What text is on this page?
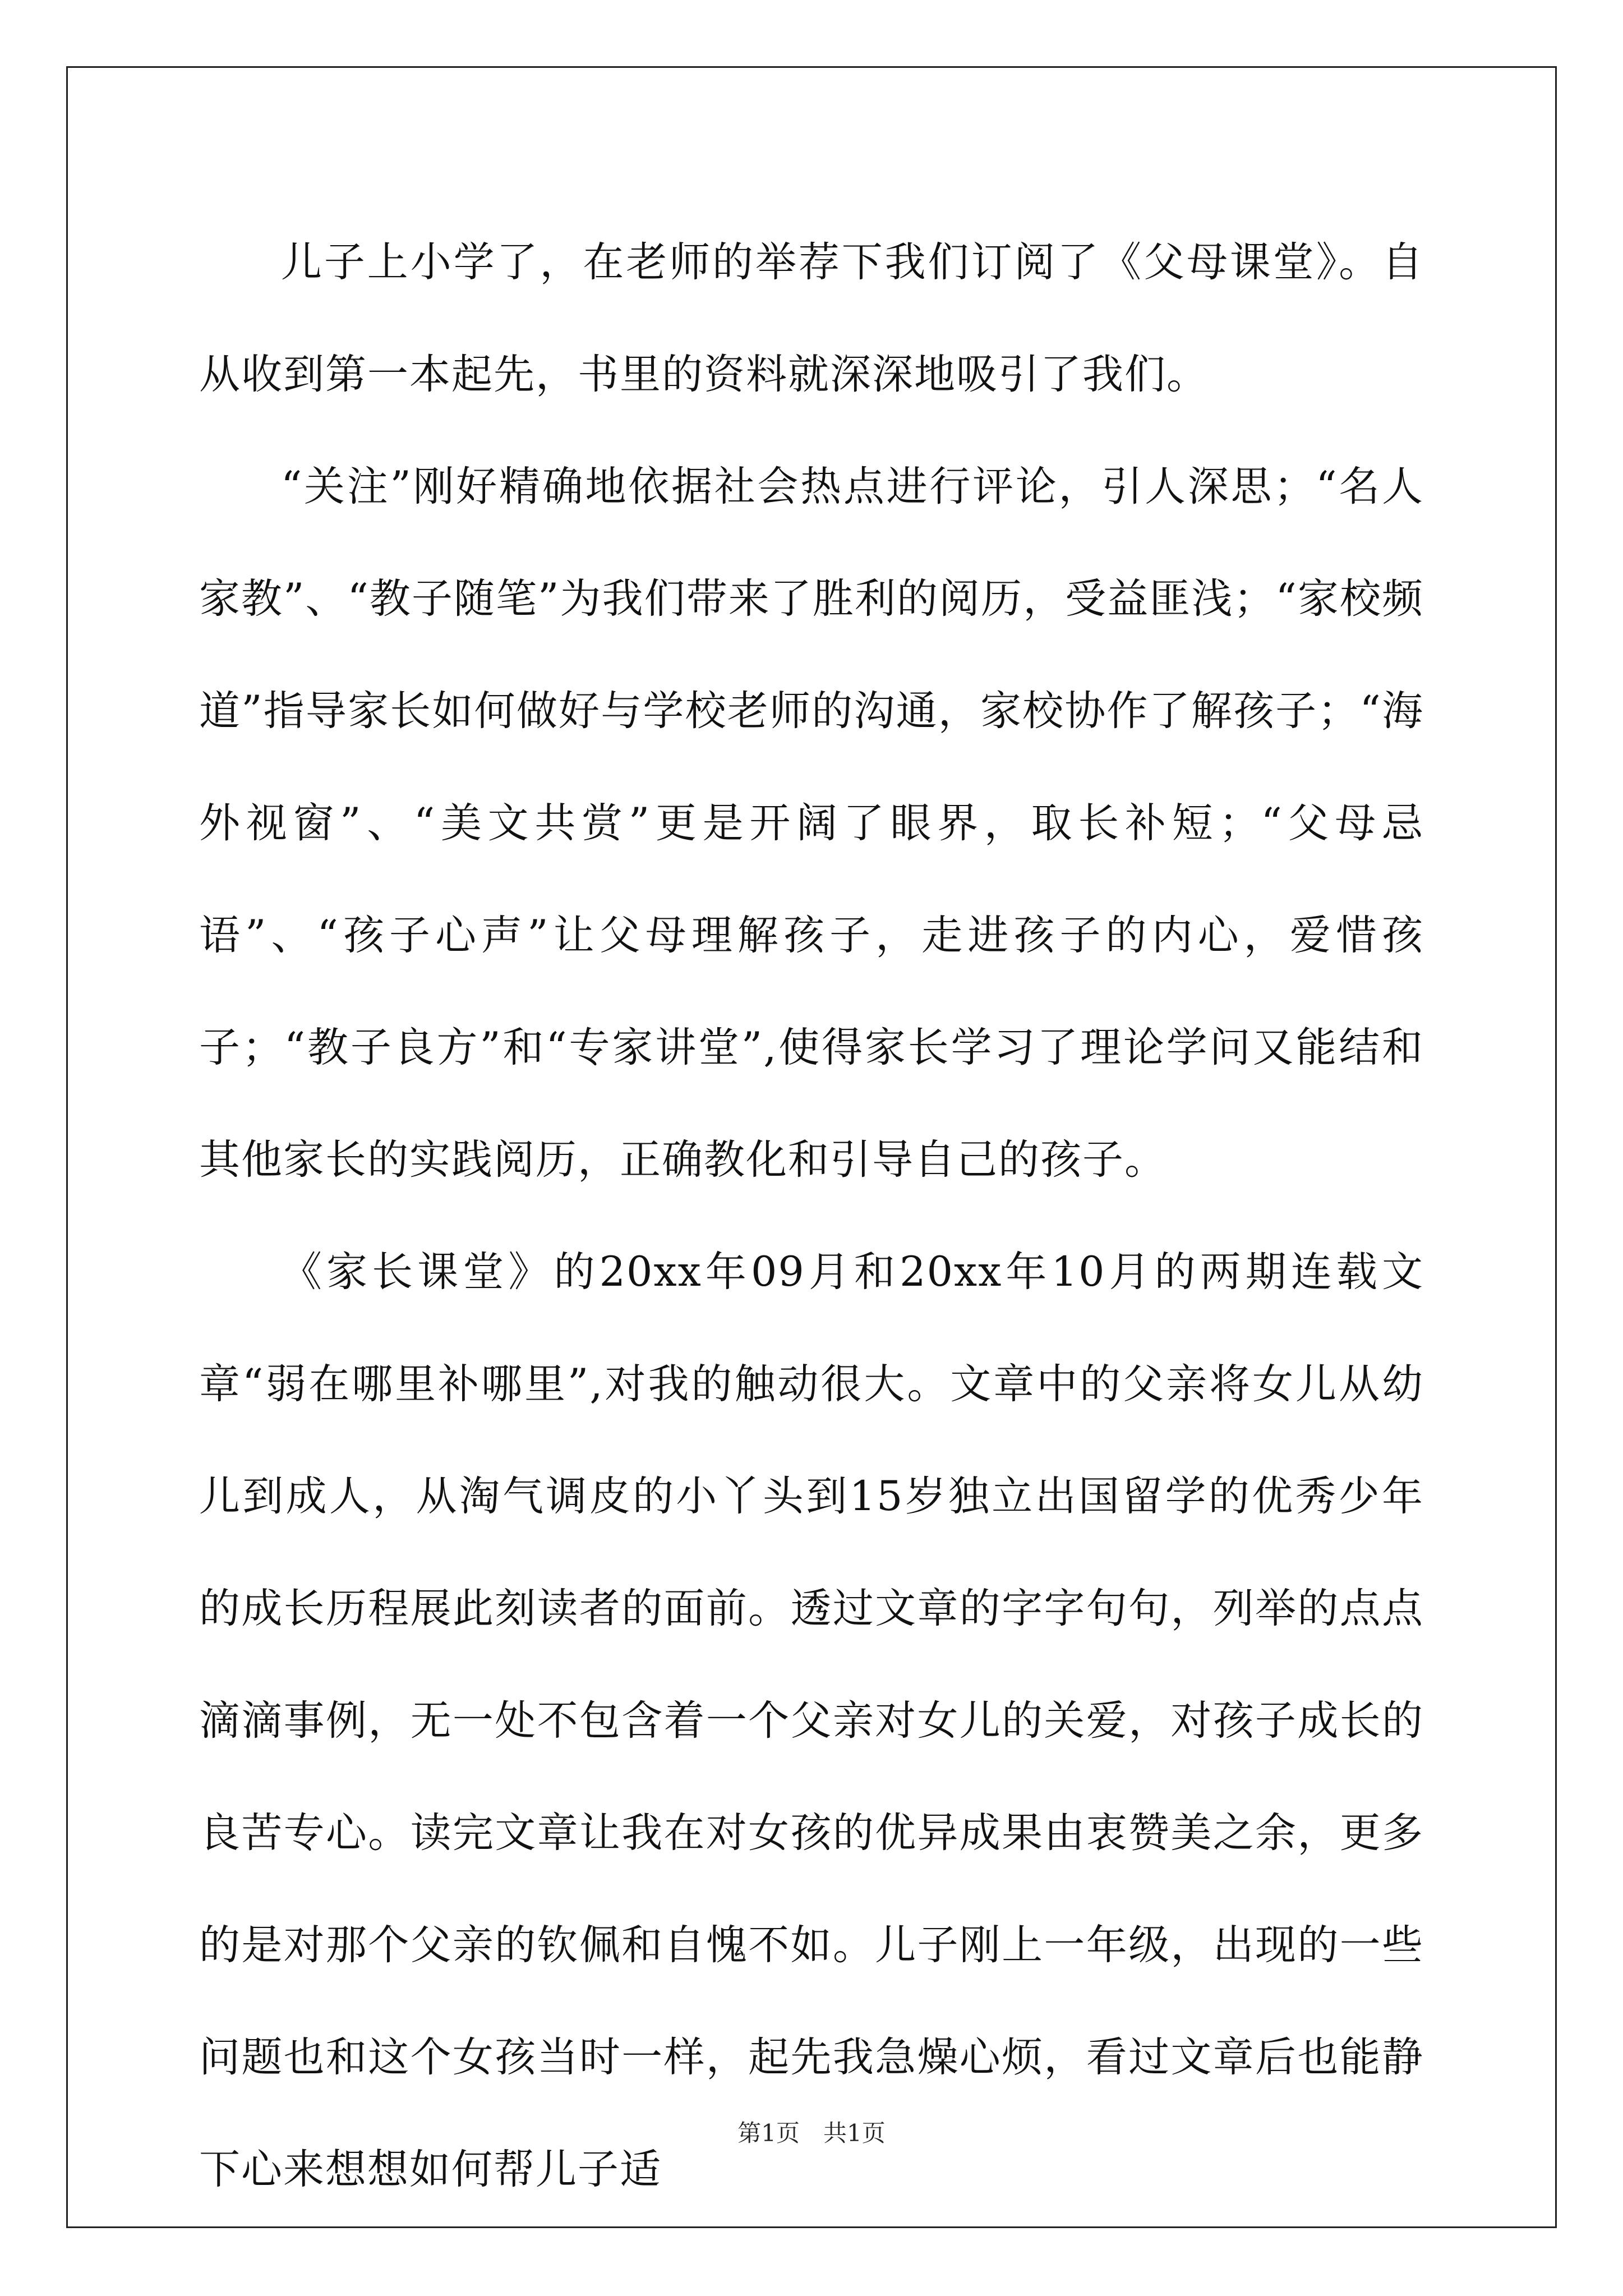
儿子上小学了，在老师的举荐下我们订阅了《父母课堂》。自从收到第一本起先，书里的资料就深深地吸引了我们。

“关注”刚好精确地依据社会热点进行评论，引人深思；“名人家教”、“教子随笔”为我们带来了胜利的阅历，受益匪浅；“家校频道”指导家长如何做好与学校老师的沟通，家校协作了解孩子；“海外视窗”、“美文共赏”更是开阔了眼界，取长补短；“父母忌语”、“孩子心声”让父母理解孩子，走进孩子的内心，爱惜孩子；“教子良方”和“专家讲堂”,使得家长学习了理论学问又能结和其他家长的实践阅历，正确教化和引导自己的孩子。

《家长课堂》的20xx年09月和20xx年10月的两期连载文章“弱在哪里补哪里”,对我的触动很大。文章中的父亲将女儿从幼儿到成人，从淘气调皮的小丫头到15岁独立出国留学的优秀少年的成长历程展此刻读者的面前。透过文章的字字句句，列举的点点滴滴事例，无一处不包含着一个父亲对女儿的关爱，对孩子成长的良苦专心。读完文章让我在对女孩的优异成果由衷赞美之余，更多的是对那个父亲的钦佩和自愧不如。儿子刚上一年级，出现的一些问题也和这个女孩当时一样，起先我急燥心烦，看过文章后也能静下心来想想如何帮儿子适

第1页　共1页
